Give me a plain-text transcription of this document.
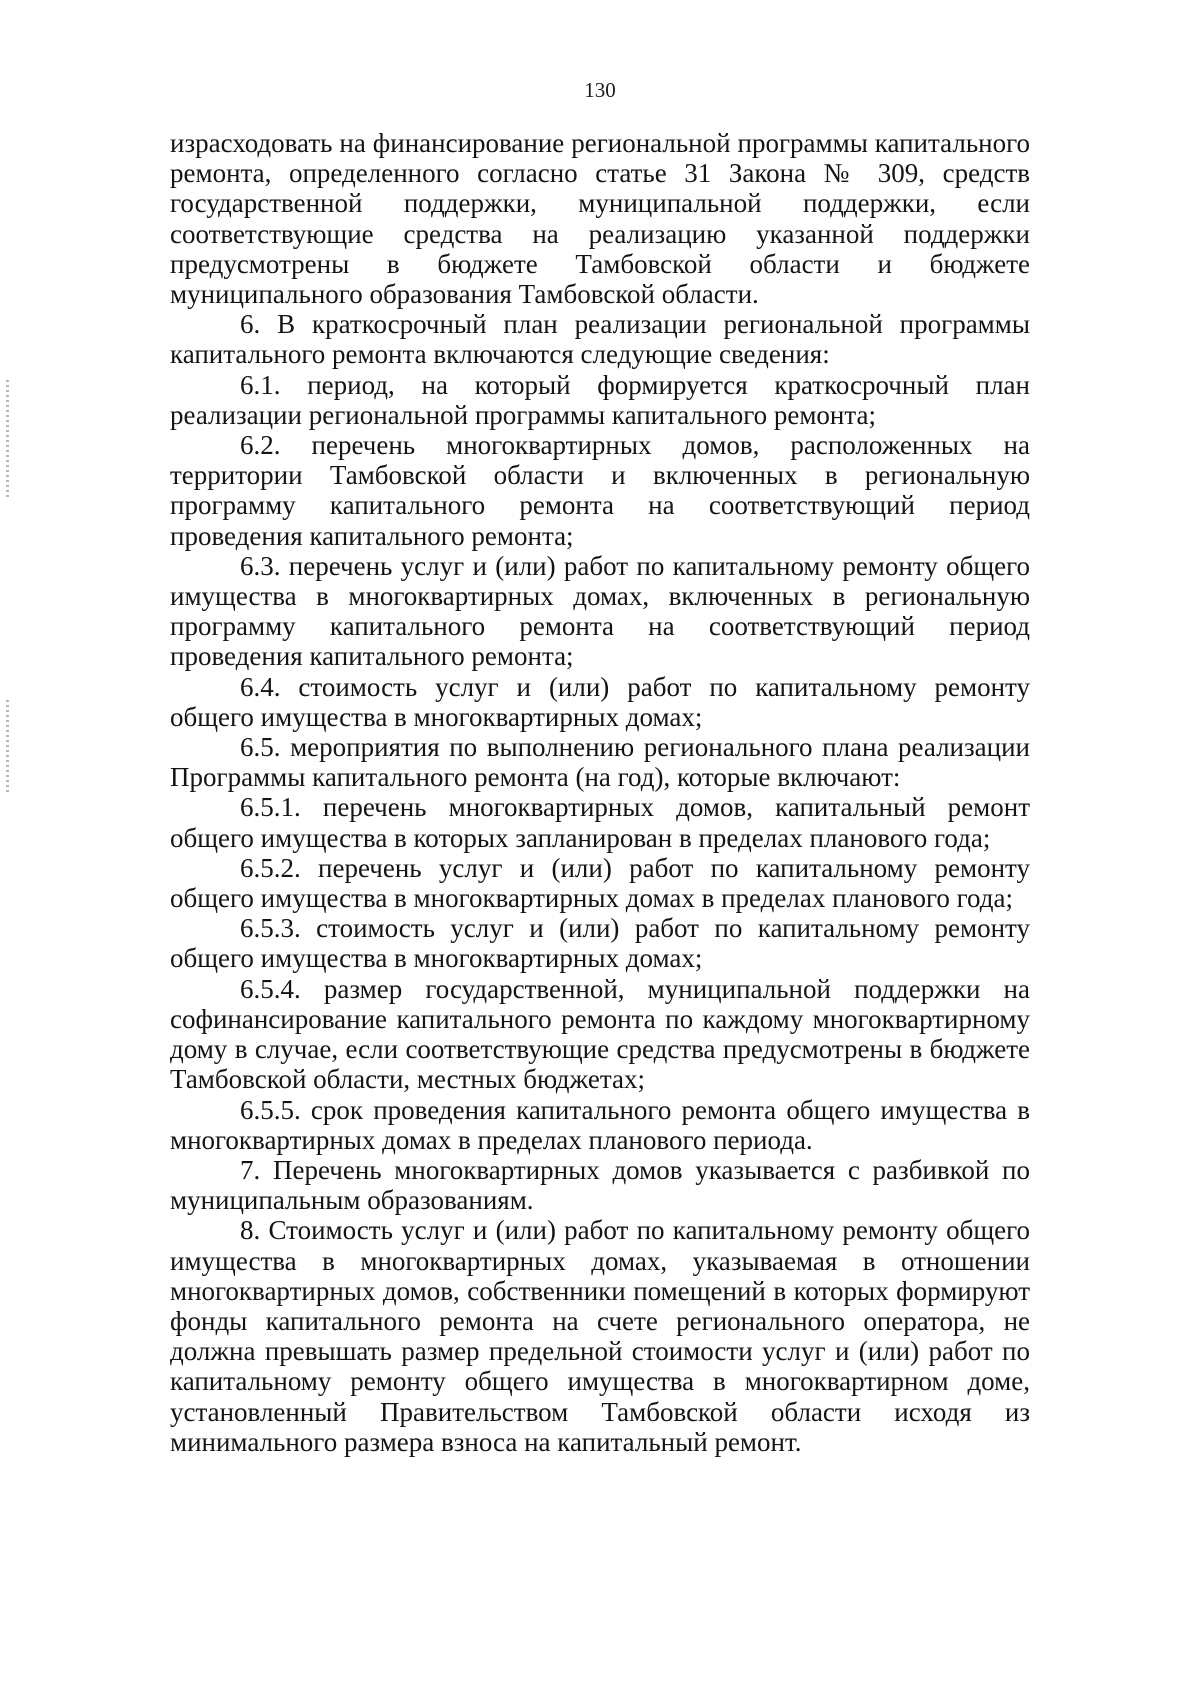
130

израсходовать на финансирование региональной программы капитального ремонта, определенного согласно статье 31 Закона № 309, средств государственной поддержки, муниципальной поддержки, если соответствующие средства на реализацию указанной поддержки предусмотрены в бюджете Тамбовской области и бюджете муниципального образования Тамбовской области.

6. В краткосрочный план реализации региональной программы капитального ремонта включаются следующие сведения:

6.1. период, на который формируется краткосрочный план реализации региональной программы капитального ремонта;

6.2. перечень многоквартирных домов, расположенных на территории Тамбовской области и включенных в региональную программу капитального ремонта на соответствующий период проведения капитального ремонта;

6.3. перечень услуг и (или) работ по капитальному ремонту общего имущества в многоквартирных домах, включенных в региональную программу капитального ремонта на соответствующий период проведения капитального ремонта;

6.4. стоимость услуг и (или) работ по капитальному ремонту общего имущества в многоквартирных домах;

6.5. мероприятия по выполнению регионального плана реализации Программы капитального ремонта (на год), которые включают:

6.5.1. перечень многоквартирных домов, капитальный ремонт общего имущества в которых запланирован в пределах планового года;

6.5.2. перечень услуг и (или) работ по капитальному ремонту общего имущества в многоквартирных домах в пределах планового года;

6.5.3. стоимость услуг и (или) работ по капитальному ремонту общего имущества в многоквартирных домах;

6.5.4. размер государственной, муниципальной поддержки на софинансирование капитального ремонта по каждому многоквартирному дому в случае, если соответствующие средства предусмотрены в бюджете Тамбовской области, местных бюджетах;

6.5.5. срок проведения капитального ремонта общего имущества в многоквартирных домах в пределах планового периода.

7. Перечень многоквартирных домов указывается с разбивкой по муниципальным образованиям.

8. Стоимость услуг и (или) работ по капитальному ремонту общего имущества в многоквартирных домах, указываемая в отношении многоквартирных домов, собственники помещений в которых формируют фонды капитального ремонта на счете регионального оператора, не должна превышать размер предельной стоимости услуг и (или) работ по капитальному ремонту общего имущества в многоквартирном доме, установленный Правительством Тамбовской области исходя из минимального размера взноса на капитальный ремонт.
